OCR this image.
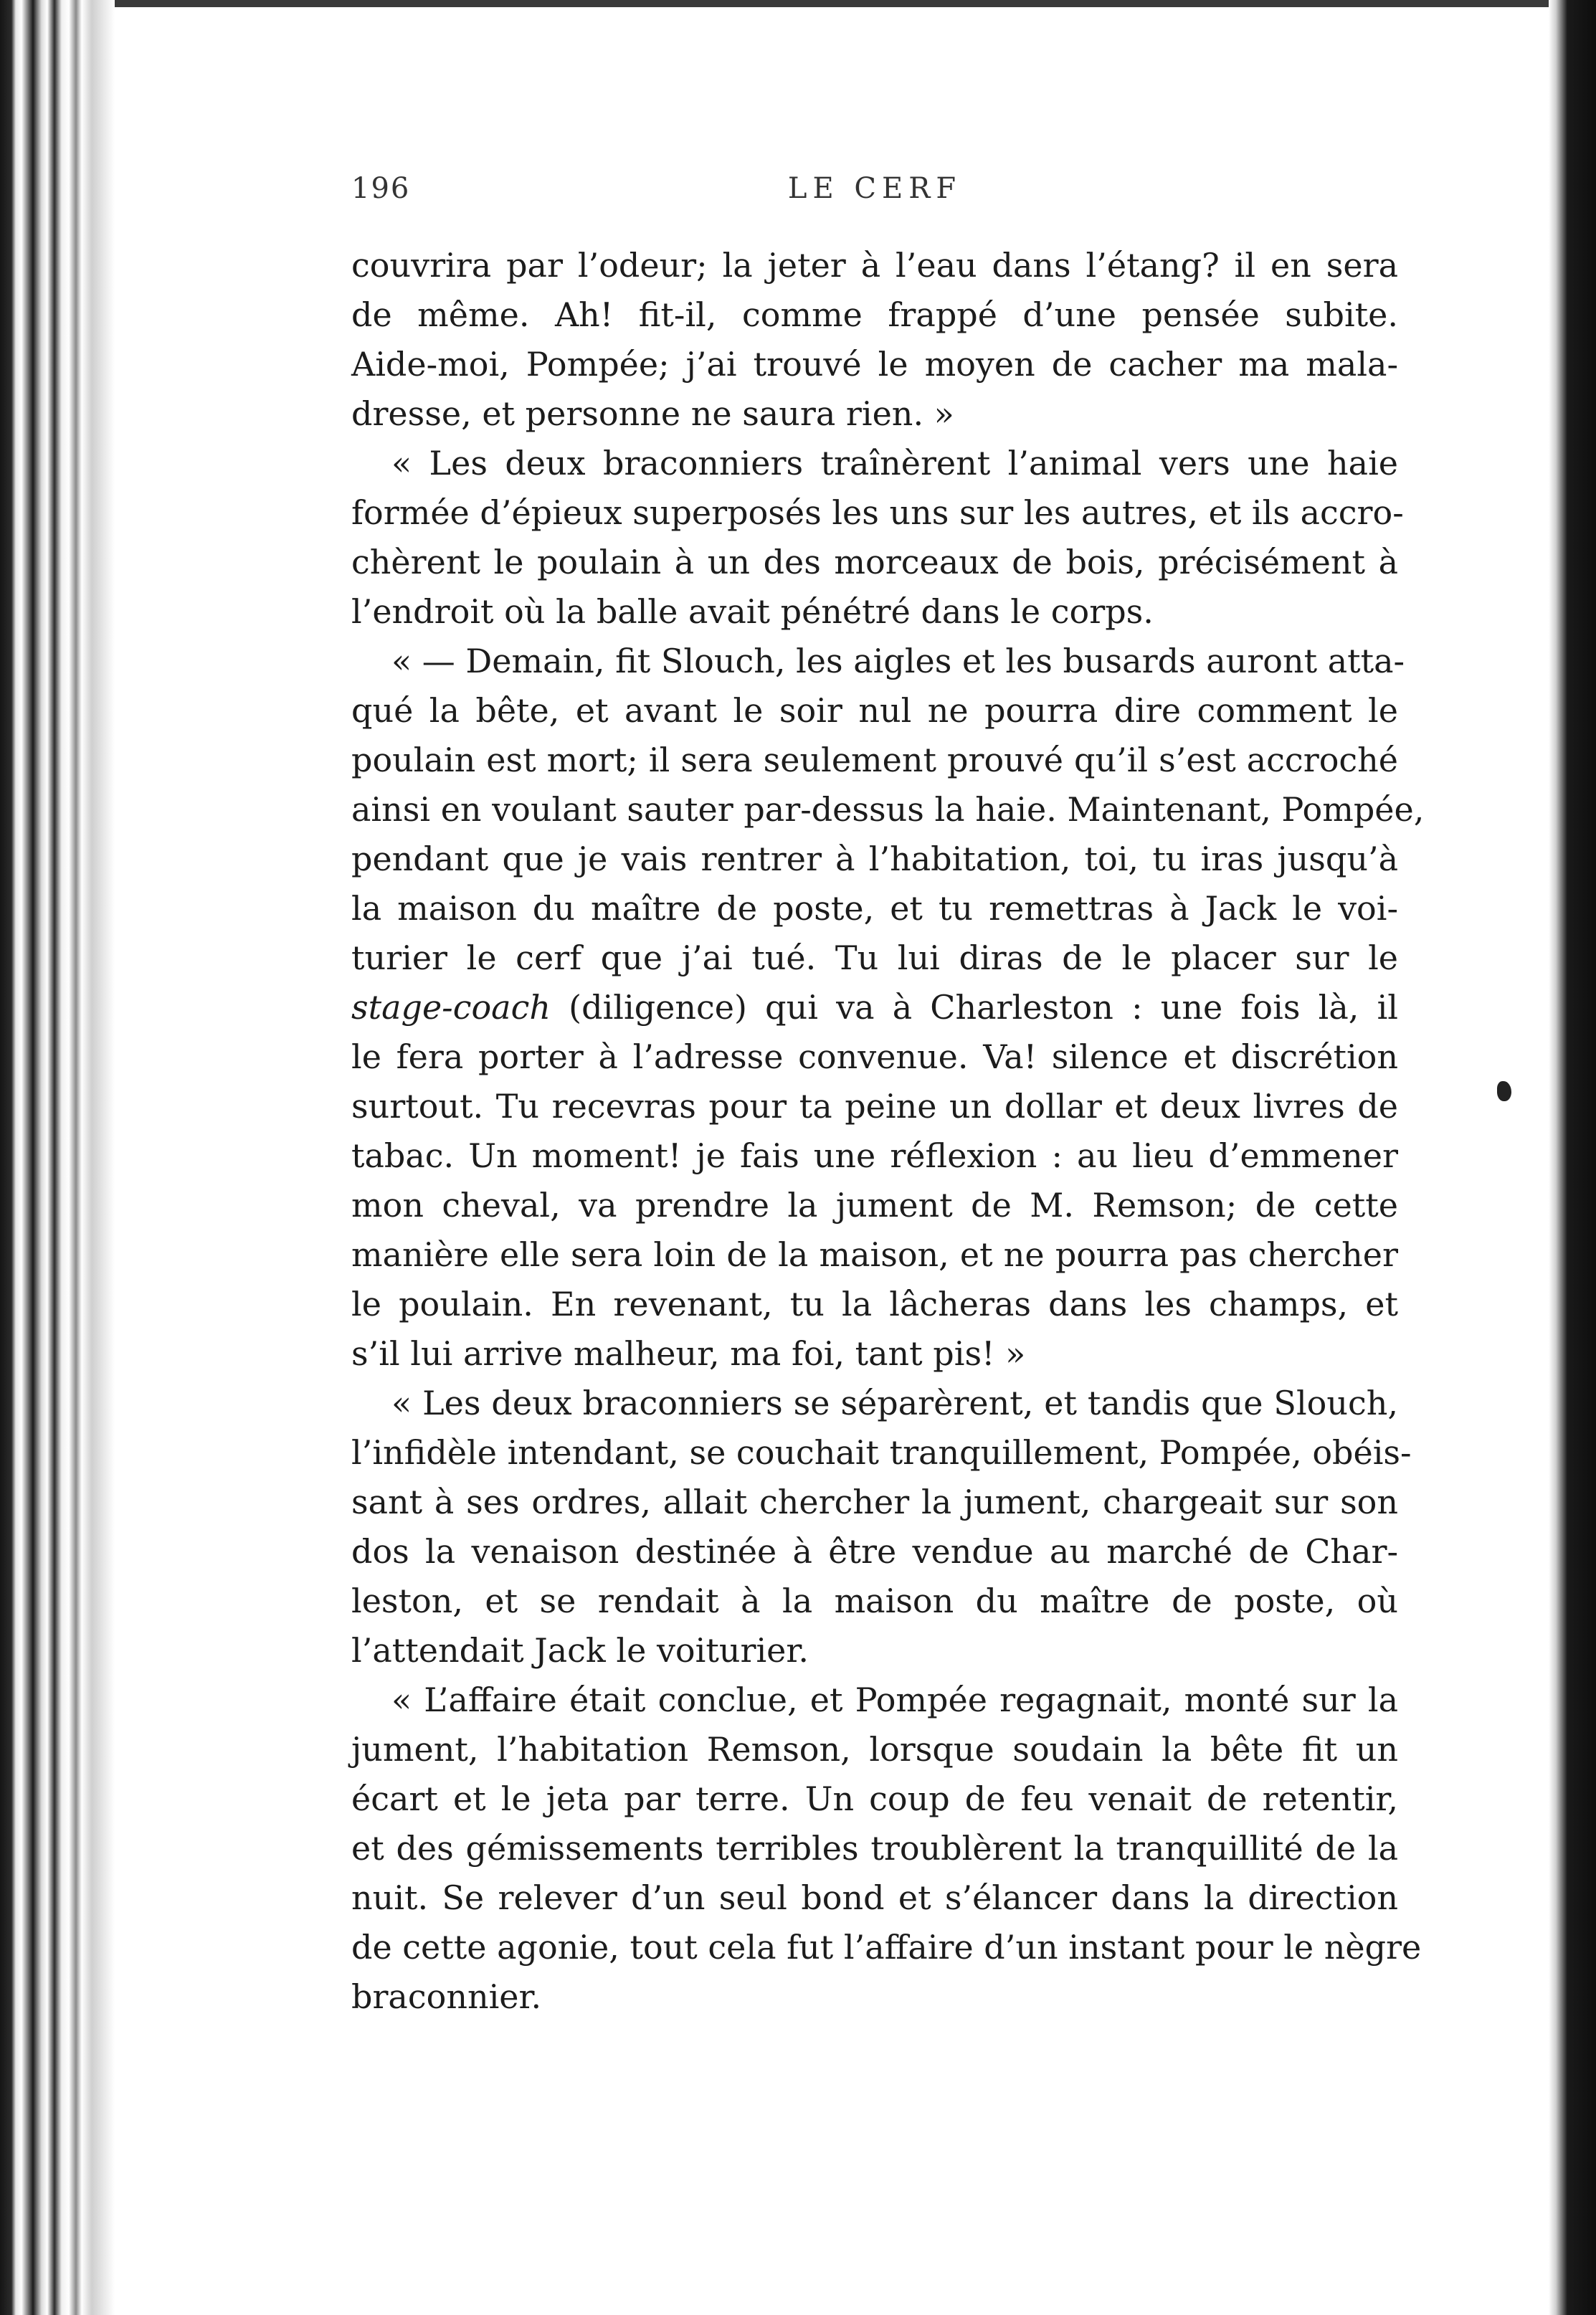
196	LE CERF
couvrira par l’odeur; la jeter à l’eau dans l’étang? il en sera
de même. Ah! fit-il, comme frappé d’une pensée subite.
Aide-moi, Pompée; j’ai trouvé le moyen de cacher ma mala-
dresse, et personne ne saura rien. »
« Les deux braconniers traînèrent l’animal vers une haie
formée d’épieux superposés les uns sur les autres, et ils accro-
chèrent le poulain à un des morceaux de bois, précisément à
l’endroit où la balle avait pénétré dans le corps.
« — Demain, fit Slouch, les aigles et les busards auront atta-
qué la bête, et avant le soir nul ne pourra dire comment le
poulain est mort; il sera seulement prouvé qu’il s’est accroché
ainsi en voulant sauter par-dessus la haie. Maintenant, Pompée,
pendant que je vais rentrer à l’habitation, toi, tu iras jusqu’à
la maison du maître de poste, et tu remettras à Jack le voi-
turier le cerf que j’ai tué. Tu lui diras de le placer sur le
stage-coach (diligence) qui va à Charleston : une fois là, il
le fera porter à l’adresse convenue. Va! silence et discrétion
surtout. Tu recevras pour ta peine un dollar et deux livres de
tabac. Un moment! je fais une réflexion : au lieu d’emmener
mon cheval, va prendre la jument de M. Remson; de cette
manière elle sera loin de la maison, et ne pourra pas chercher
le poulain. En revenant, tu la lâcheras dans les champs, et
s’il lui arrive malheur, ma foi, tant pis! »
« Les deux braconniers se séparèrent, et tandis que Slouch,
l’infidèle intendant, se couchait tranquillement, Pompée, obéis-
sant à ses ordres, allait chercher la jument, chargeait sur son
dos la venaison destinée à être vendue au marché de Char-
leston, et se rendait à la maison du maître de poste, où
l’attendait Jack le voiturier.
« L’affaire était conclue, et Pompée regagnait, monté sur la
jument, l’habitation Remson, lorsque soudain la bête fit un
écart et le jeta par terre. Un coup de feu venait de retentir,
et des gémissements terribles troublèrent la tranquillité de la
nuit. Se relever d’un seul bond et s’élancer dans la direction
de cette agonie, tout cela fut l’affaire d’un instant pour le nègre
braconnier.
